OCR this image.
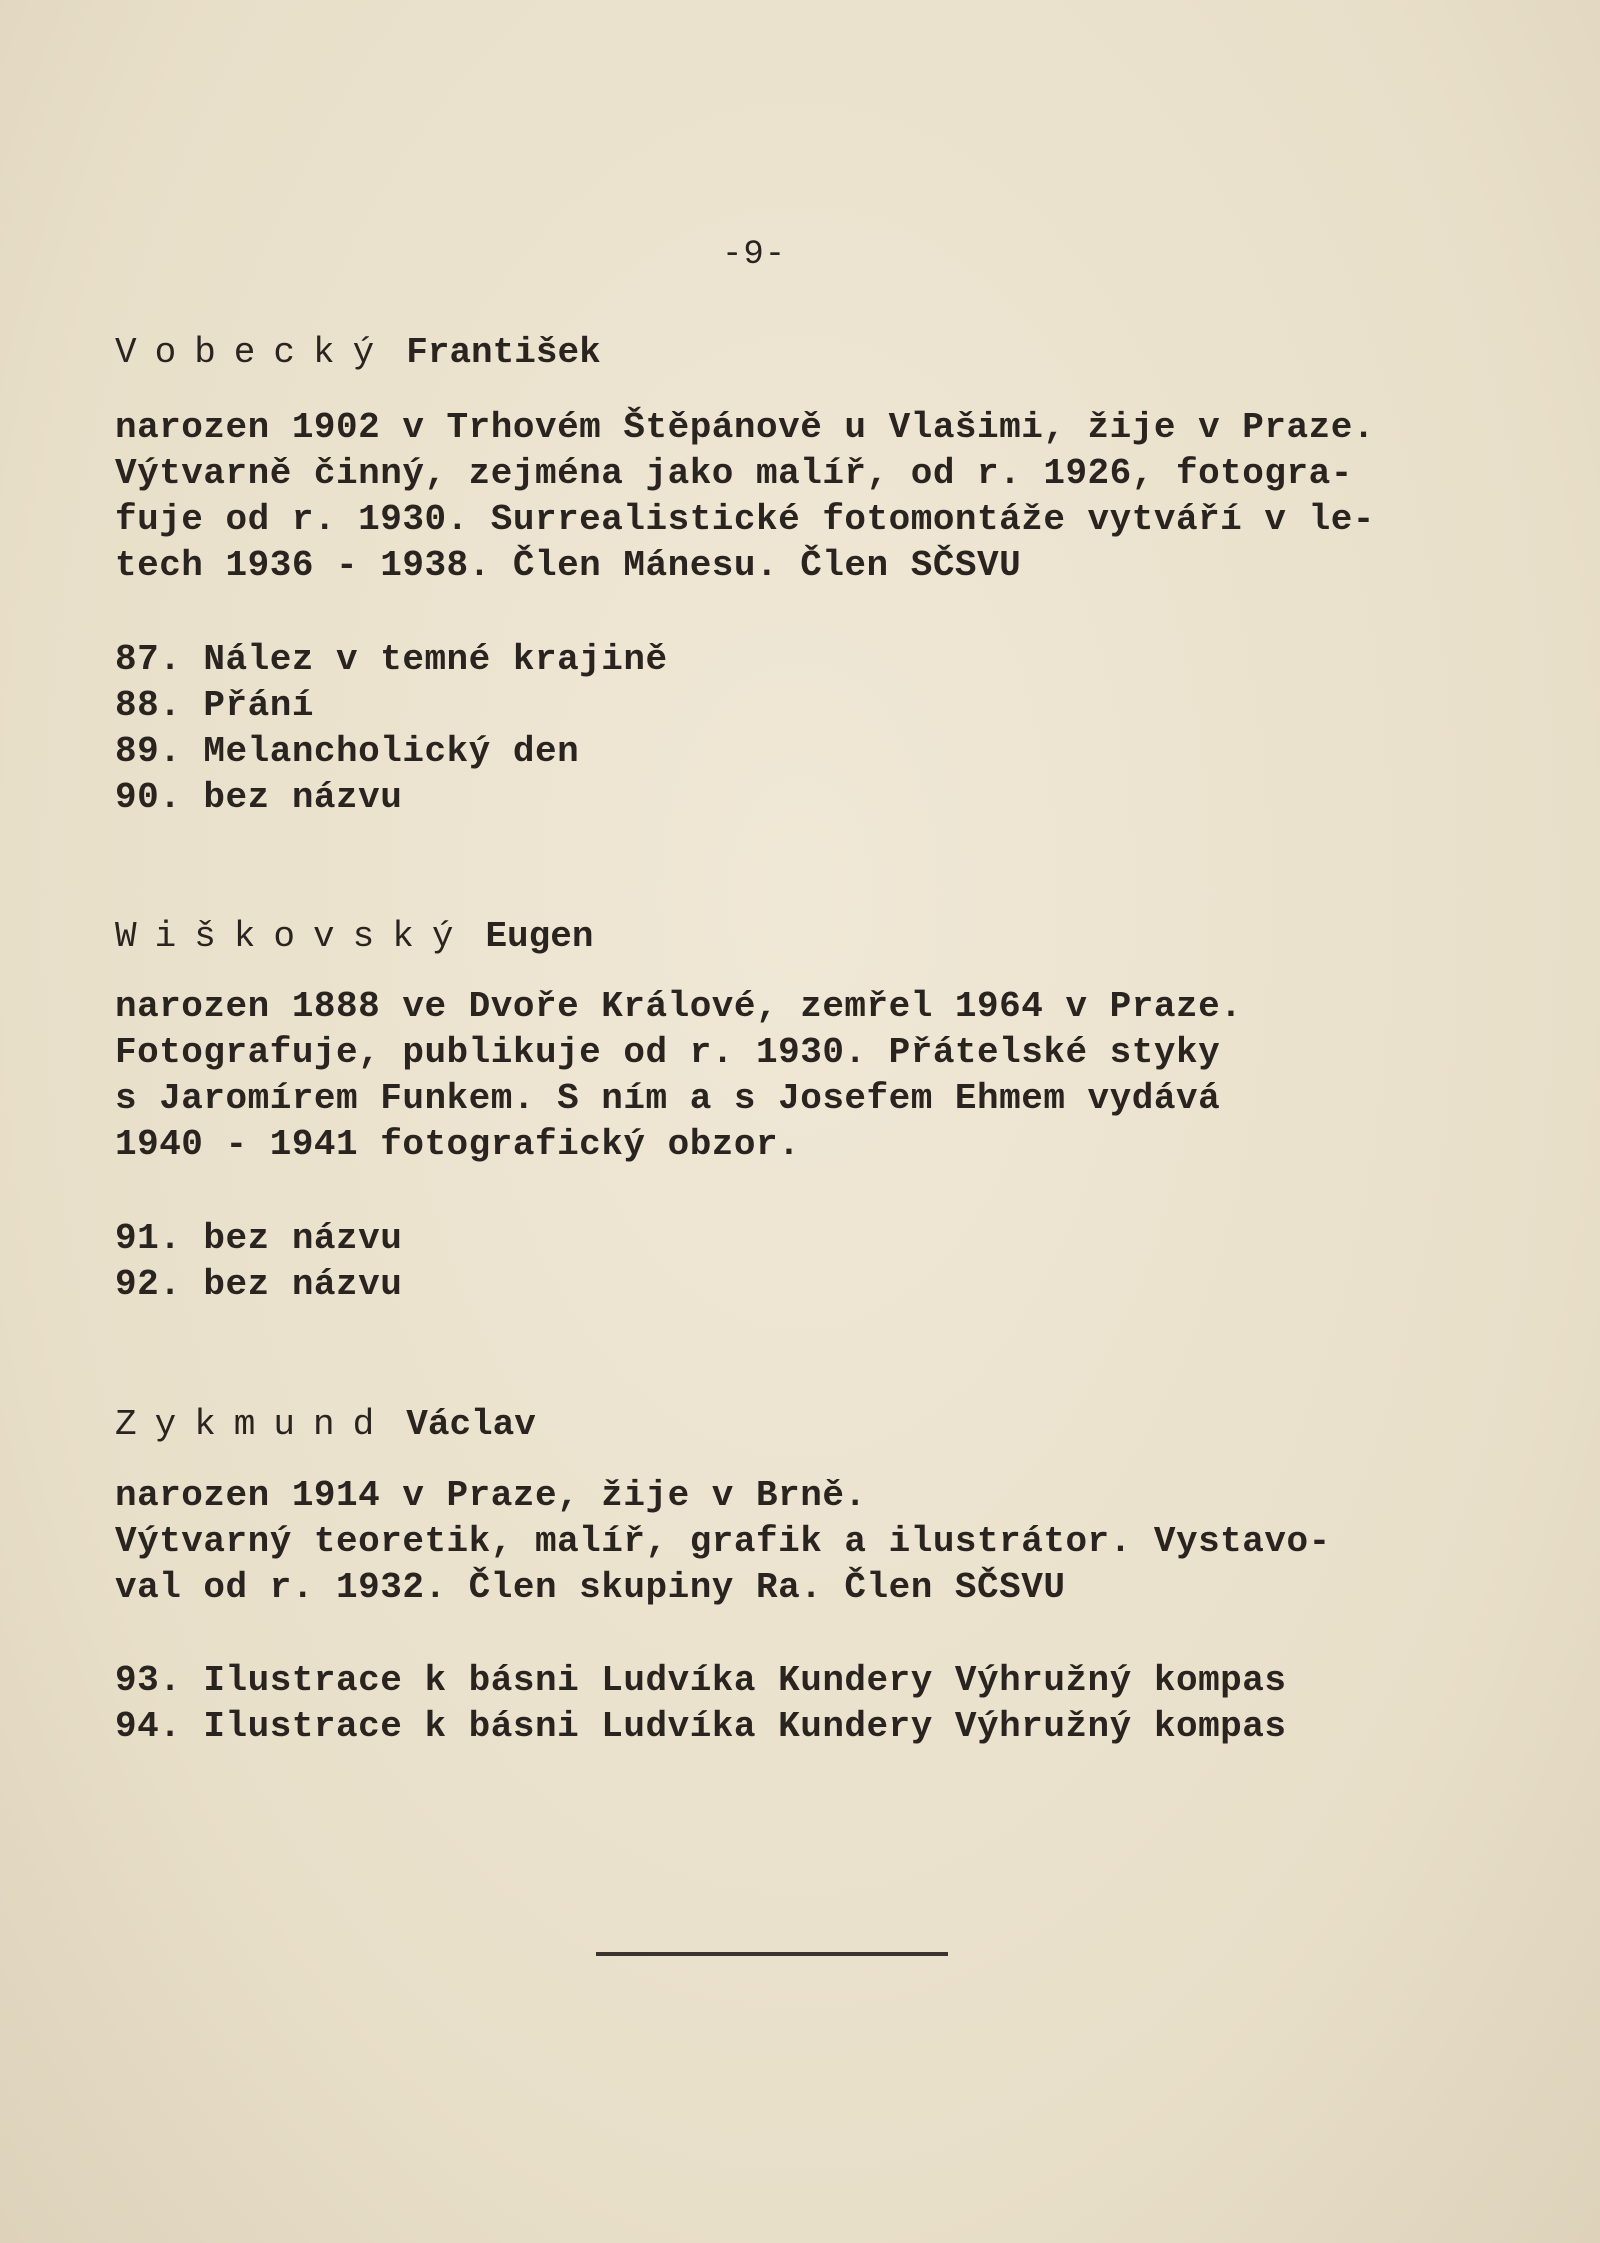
-9-
Vobecký František
narozen 1902 v Trhovém Štěpánově u Vlašimi, žije v Praze.
Výtvarně činný, zejména jako malíř, od r. 1926, fotogra-
fuje od r. 1930. Surrealistické fotomontáže vytváří v le-
tech 1936 - 1938. Člen Mánesu. Člen SČSVU
87. Nález v temné krajině
88. Přání
89. Melancholický den
90. bez názvu
Wiškovský Eugen
narozen 1888 ve Dvoře Králové, zemřel 1964 v Praze.
Fotografuje, publikuje od r. 1930. Přátelské styky
s Jaromírem Funkem. S ním a s Josefem Ehmem vydává
1940 - 1941 fotografický obzor.
91. bez názvu
92. bez názvu
Zykmund Václav
narozen 1914 v Praze, žije v Brně.
Výtvarný teoretik, malíř, grafik a ilustrátor. Vystavo-
val od r. 1932. Člen skupiny Ra. Člen SČSVU
93. Ilustrace k básni Ludvíka Kundery Výhružný kompas
94. Ilustrace k básni Ludvíka Kundery Výhružný kompas
